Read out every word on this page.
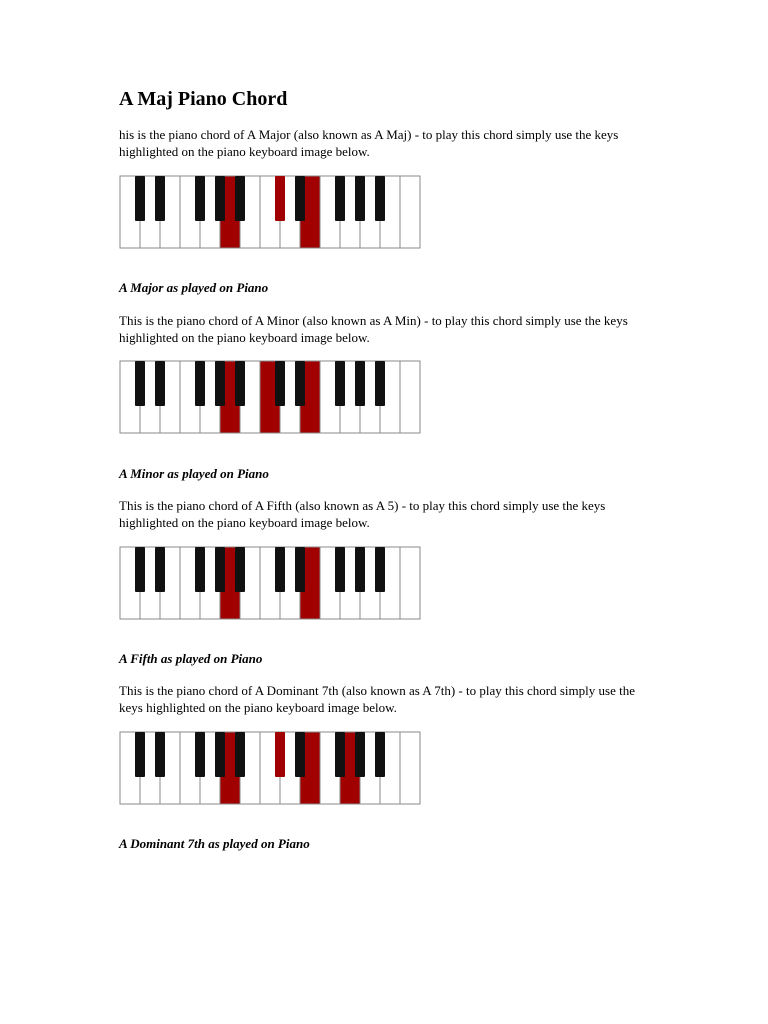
A Maj Piano Chord

his is the piano chord of A Major (also known as A Maj) - to play this chord simply use the keys highlighted on the piano keyboard image below.

A Major as played on Piano

This is the piano chord of A Minor (also known as A Min) - to play this chord simply use the keys highlighted on the piano keyboard image below.

A Minor as played on Piano

This is the piano chord of A Fifth (also known as A 5) - to play this chord simply use the keys highlighted on the piano keyboard image below.

A Fifth as played on Piano

This is the piano chord of A Dominant 7th (also known as A 7th) - to play this chord simply use the keys highlighted on the piano keyboard image below.

A Dominant 7th as played on Piano
